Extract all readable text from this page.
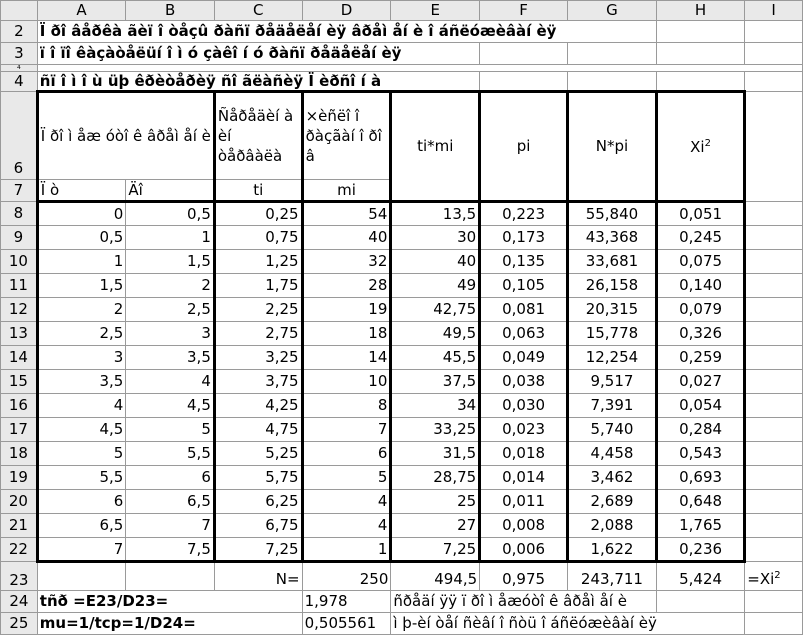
	A	B	C	D	E	F	G	H	I
2	Ï ðî âåðêà ãèï î òåçû ðàñï ðåäåëåí èÿ âðåì åí è î áñëóæèâàí èÿ								
3	ï î ïî êàçàòåëüí î ì ó çàêî í ó ðàñï ðåäåëåí èÿ								
4									
4	ñï î ì î ù üþ êðèòåðèÿ ñî ãëàñèÿ Ï èðñî í à								
6	Ï ðî ì åæ óòî ê âðåì åí è		Ñåðåäèí à èí òåðâàëà	×èñëî î ðàçãàí î ðî â	ti*mi	pi	N*pi	Xi$^2$	
7	Ï ò	Äî	ti	mi					
8	0	0,5	0,25	54	13,5	0,223	55,840	0,051	
9	0,5	1	0,75	40	30	0,173	43,368	0,245	
10	1	1,5	1,25	32	40	0,135	33,681	0,075	
11	1,5	2	1,75	28	49	0,105	26,158	0,140	
12	2	2,5	2,25	19	42,75	0,081	20,315	0,079	
13	2,5	3	2,75	18	49,5	0,063	15,778	0,326	
14	3	3,5	3,25	14	45,5	0,049	12,254	0,259	
15	3,5	4	3,75	10	37,5	0,038	9,517	0,027	
16	4	4,5	4,25	8	34	0,030	7,391	0,054	
17	4,5	5	4,75	7	33,25	0,023	5,740	0,284	
18	5	5,5	5,25	6	31,5	0,018	4,458	0,543	
19	5,5	6	5,75	5	28,75	0,014	3,462	0,693	
20	6	6,5	6,25	4	25	0,011	2,689	0,648	
21	6,5	7	6,75	4	27	0,008	2,088	1,765	
22	7	7,5	7,25	1	7,25	0,006	1,622	0,236	
23			N=	250	494,5	0,975	243,711	5,424	$=Xi^2$
24	tñð =E23/D23=			1,978	ñðåäí ÿÿ ï ðî ì åæóòî ê âðåì åí è				
25	mu=1/tcp=1/D24=			0,505561	ì þ-èí òåí ñèâí î ñòü î áñëóæèâàí èÿ				
